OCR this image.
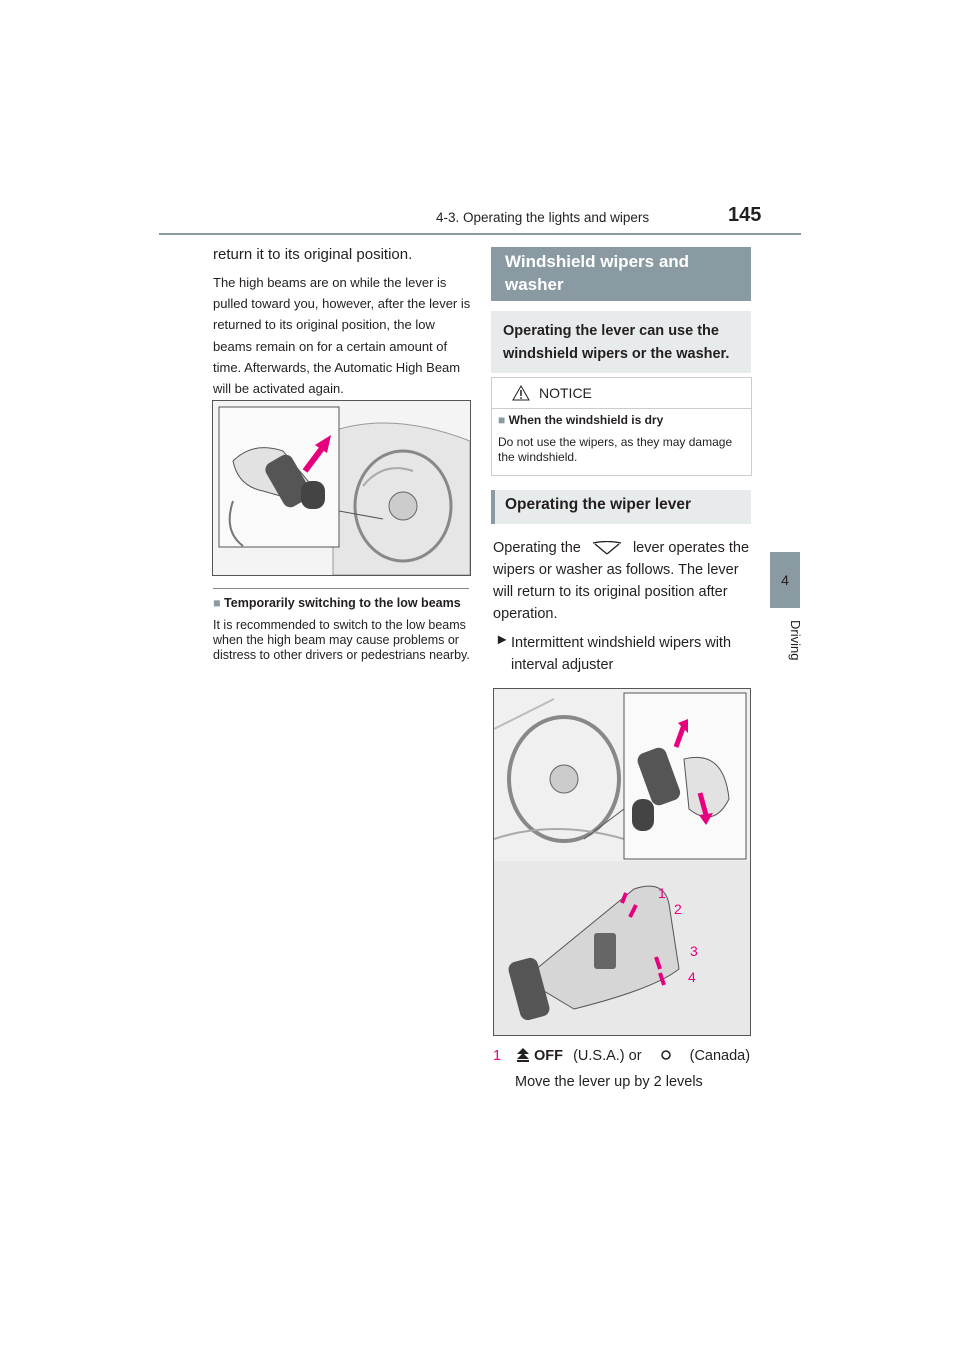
4-3. Operating the lights and wipers	145
4
Driving
return it to its original position.
The high beams are on while the lever is pulled toward you, however, after the lever is returned to its original position, the low beams remain on for a certain amount of time. Afterwards, the Automatic High Beam will be activated again.
■ Temporarily switching to the low beams
It is recommended to switch to the low beams when the high beam may cause problems or distress to other drivers or pedestrians nearby.
Windshield wipers and washer
Operating the lever can use the windshield wipers or the washer.
NOTICE
■ When the windshield is dry
Do not use the wipers, as they may damage the windshield.
Operating the wiper lever
Operating the	lever operates the wipers or washer as follows. The lever will return to its original position after operation.
► Intermittent windshield wipers with interval adjuster
1
2
3
4
1	OFF (U.S.A.) or	(Canada)
Move the lever up by 2 levels
